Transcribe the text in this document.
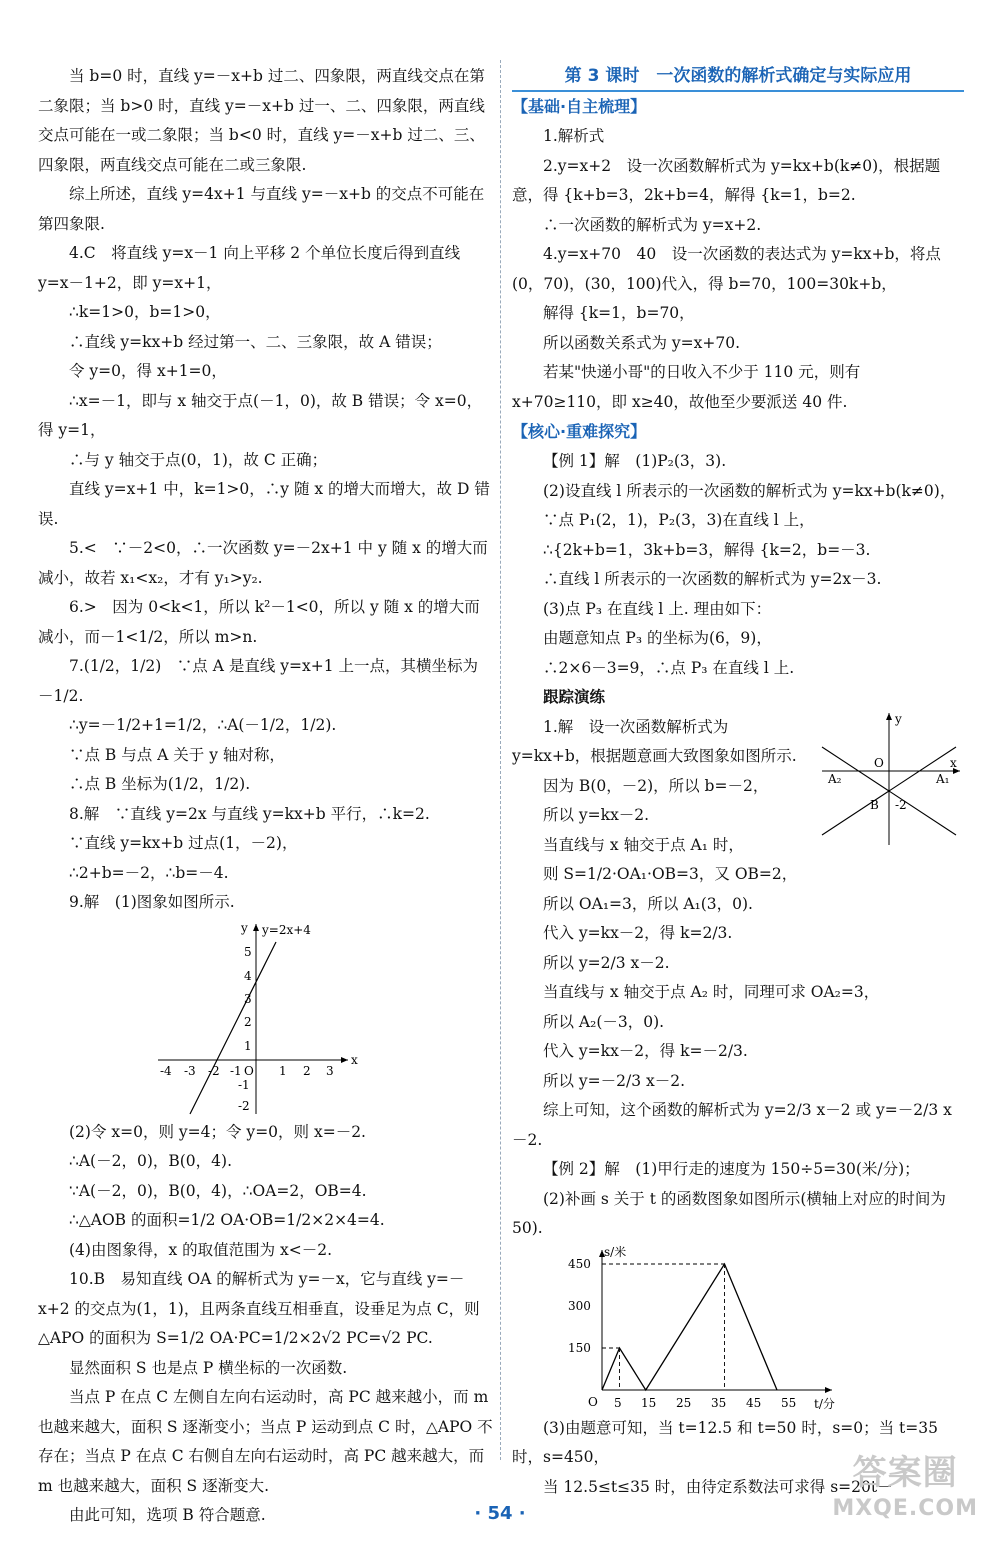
当 b=0 时，直线 y=－x+b 过二、四象限，两直线交点在第二象限；当 b>0 时，直线 y=－x+b 过一、二、四象限，两直线交点可能在一或二象限；当 b<0 时，直线 y=－x+b 过二、三、四象限，两直线交点可能在二或三象限.

综上所述，直线 y=4x+1 与直线 y=－x+b 的交点不可能在第四象限.

4.C　将直线 y=x－1 向上平移 2 个单位长度后得到直线 y=x－1+2，即 y=x+1，

∴k=1>0，b=1>0，

∴直线 y=kx+b 经过第一、二、三象限，故 A 错误；

令 y=0，得 x+1=0，

∴x=－1，即与 x 轴交于点(－1，0)，故 B 错误；令 x=0，得 y=1，

∴与 y 轴交于点(0，1)，故 C 正确；

直线 y=x+1 中，k=1>0，∴y 随 x 的增大而增大，故 D 错误.

5.<　∵－2<0，∴一次函数 y=－2x+1 中 y 随 x 的增大而减小，故若 x₁<x₂，才有 y₁>y₂.

6.>　因为 0<k<1，所以 k²－1<0，所以 y 随 x 的增大而减小，而－1<1/2，所以 m>n.

7.(1/2，1/2)　∵点 A 是直线 y=x+1 上一点，其横坐标为－1/2.

∴y=－1/2+1=1/2，∴A(－1/2，1/2).

∵点 B 与点 A 关于 y 轴对称，

∴点 B 坐标为(1/2，1/2).

8.解　∵直线 y=2x 与直线 y=kx+b 平行，∴k=2.

∵直线 y=kx+b 过点(1，－2)，

∴2+b=－2，∴b=－4.

9.解　(1)图象如图所示.

y
x
y=2x+4
O
-4 -3 -2 -1	1 2 3
5
4
3
2
1
-1
-2

(2)令 x=0，则 y=4；令 y=0，则 x=－2.

∴A(－2，0)，B(0，4).

∵A(－2，0)，B(0，4)，∴OA=2，OB=4.

∴△AOB 的面积=1/2 OA·OB=1/2×2×4=4.

(4)由图象得，x 的取值范围为 x<－2.

10.B　易知直线 OA 的解析式为 y=－x，它与直线 y=－x+2 的交点为(1，1)，且两条直线互相垂直，设垂足为点 C，则△APO 的面积为 S=1/2 OA·PC=1/2×2√2 PC=√2 PC.

显然面积 S 也是点 P 横坐标的一次函数.

当点 P 在点 C 左侧自左向右运动时，高 PC 越来越小，而 m 也越来越大，面积 S 逐渐变小；当点 P 运动到点 C 时，△APO 不存在；当点 P 在点 C 右侧自左向右运动时，高 PC 越来越大，而 m 也越来越大，面积 S 逐渐变大.

由此可知，选项 B 符合题意.

第 3 课时　一次函数的解析式确定与实际应用
【基础·自主梳理】

1.解析式

2.y=x+2　设一次函数解析式为 y=kx+b(k≠0)，根据题意，得 {k+b=3，2k+b=4，解得 {k=1，b=2.

∴一次函数的解析式为 y=x+2.

4.y=x+70　40　设一次函数的表达式为 y=kx+b，将点(0，70)，(30，100)代入，得 b=70，100=30k+b，

解得 {k=1，b=70，

所以函数关系式为 y=x+70.

若某"快递小哥"的日收入不少于 110 元，则有 x+70≥110，即 x≥40，故他至少要派送 40 件.

【核心·重难探究】

【例 1】解　(1)P₂(3，3).

(2)设直线 l 所表示的一次函数的解析式为 y=kx+b(k≠0)，

∵点 P₁(2，1)，P₂(3，3)在直线 l 上，

∴{2k+b=1，3k+b=3，解得 {k=2，b=－3.

∴直线 l 所表示的一次函数的解析式为 y=2x－3.

(3)点 P₃ 在直线 l 上. 理由如下：

由题意知点 P₃ 的坐标为(6，9)，

∴2×6－3=9，∴点 P₃ 在直线 l 上.

跟踪演练

y
x
O
A₂	A₁
B -2

1.解　设一次函数解析式为 y=kx+b，根据题意画大致图象如图所示.

因为 B(0，－2)，所以 b=－2，

所以 y=kx－2.

当直线与 x 轴交于点 A₁ 时，

则 S=1/2·OA₁·OB=3，又 OB=2，

所以 OA₁=3，所以 A₁(3，0).

代入 y=kx－2，得 k=2/3.

所以 y=2/3 x－2.

当直线与 x 轴交于点 A₂ 时，同理可求 OA₂=3，

所以 A₂(－3，0).

代入 y=kx－2，得 k=－2/3.

所以 y=－2/3 x－2.

综上可知，这个函数的解析式为 y=2/3 x－2 或 y=－2/3 x－2.

【例 2】解　(1)甲行走的速度为 150÷5=30(米/分)；

(2)补画 s 关于 t 的函数图象如图所示(横轴上对应的时间为 50).

s/米
t/分
O
450
300
150
5 15 25 35 45 55

(3)由题意可知，当 t=12.5 和 t=50 时，s=0；当 t=35 时，s=450，

当 12.5≤t≤35 时，由待定系数法可求得 s=20t－

· 54 ·
答案圈
MXQE.COM
